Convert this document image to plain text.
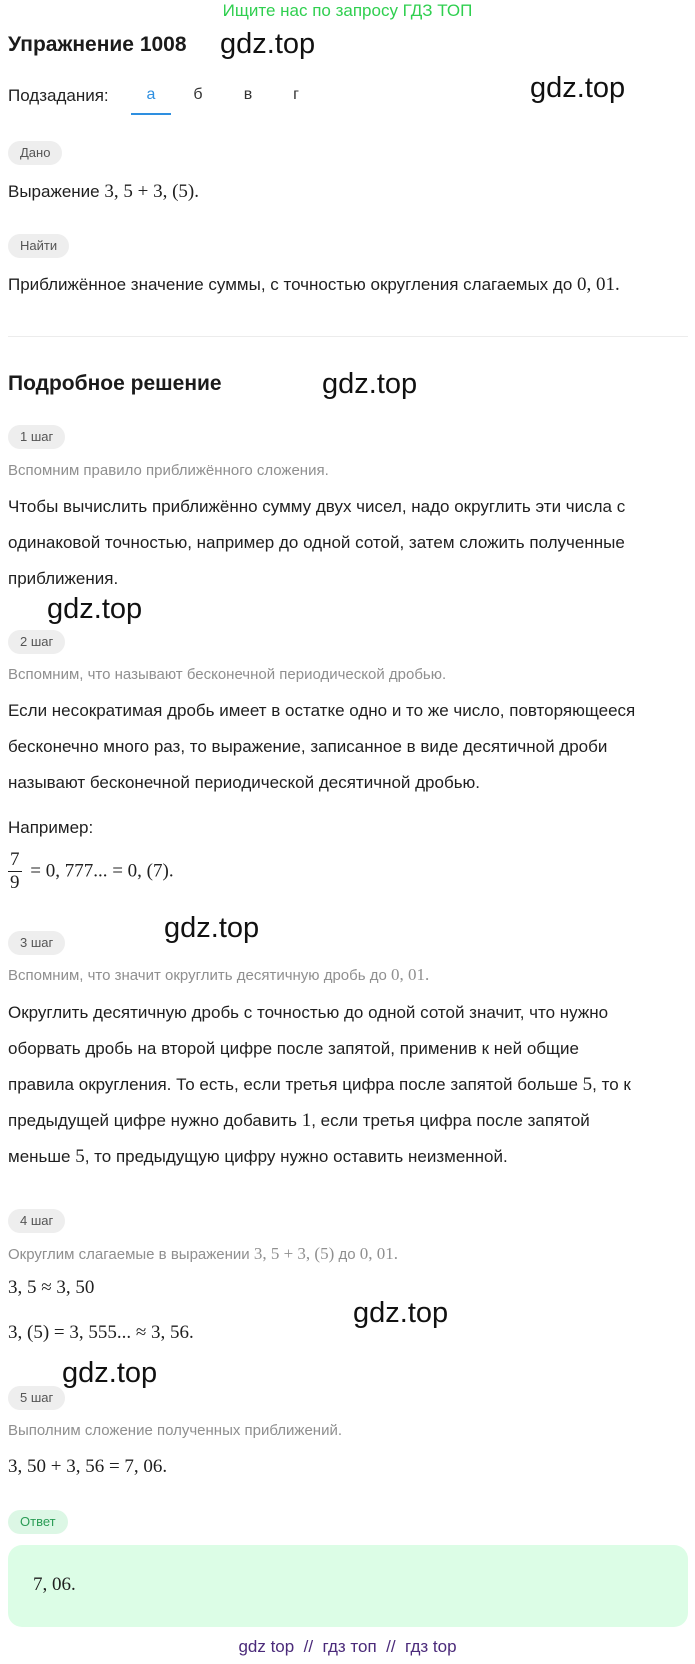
Ищите нас по запросу ГДЗ ТОП
Упражнение 1008 gdz.top
gdz.top
gdz.top
gdz.top
gdz.top
gdz.top
gdz.top
Подзадания:	а	б	в	г
Дано
Выражение 3, 5 + 3, (5).
Найти
Приближённое значение суммы, с точностью округления слагаемых до 0, 01.
Подробное решение
1 шаг
Вспомним правило приближённого сложения.
Чтобы вычислить приближённо сумму двух чисел, надо округлить эти числа с
одинаковой точностью, например до одной сотой, затем сложить полученные
приближения.
2 шаг
Вспомним, что называют бесконечной периодической дробью.
Если несократимая дробь имеет в остатке одно и то же число, повторяющееся
бесконечно много раз, то выражение, записанное в виде десятичной дроби
называют бесконечной периодической десятичной дробью.
Например:
$\frac{7}{9} = 0$, 777... = 0, (7).
3 шаг
Вспомним, что значит округлить десятичную дробь до 0, 01.
Округлить десятичную дробь с точностью до одной сотой значит, что нужно
оборвать дробь на второй цифре после запятой, применив к ней общие
правила округления. То есть, если третья цифра после запятой больше 5, то к
предыдущей цифре нужно добавить 1, если третья цифра после запятой
меньше 5, то предыдущую цифру нужно оставить неизменной.
4 шаг
Округлим слагаемые в выражении 3, 5 + 3, (5) до 0, 01.
3, 5 ≈ 3, 50
3, (5) = 3, 555... ≈ 3, 56.
5 шаг
Выполним сложение полученных приближений.
3, 50 + 3, 56 = 7, 06.
Ответ
7, 06.
gdz top  //  гдз топ  //  гдз top
